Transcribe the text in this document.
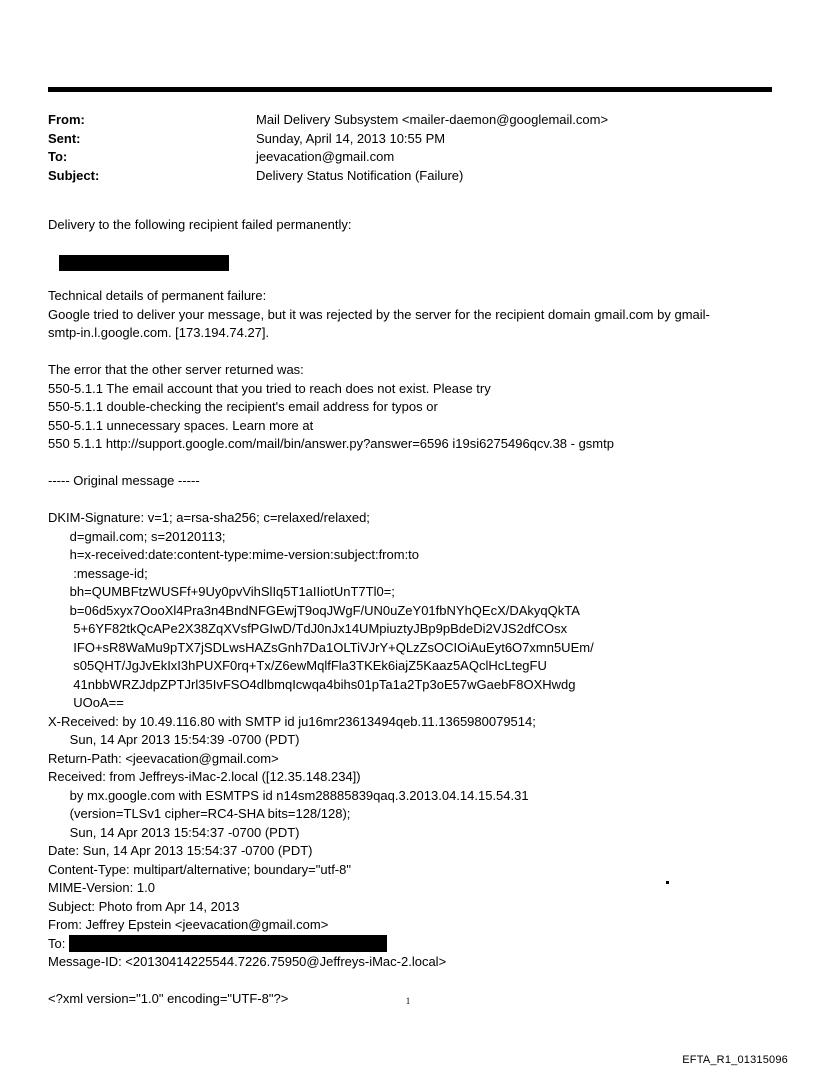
From:	Mail Delivery Subsystem <mailer-daemon@googlemail.com>
Sent:	Sunday, April 14, 2013 10:55 PM
To:	jeevacation@gmail.com
Subject:	Delivery Status Notification (Failure)
Delivery to the following recipient failed permanently:
Technical details of permanent failure:
Google tried to deliver your message, but it was rejected by the server for the recipient domain gmail.com by gmail-
smtp-in.l.google.com. [173.194.74.27].
The error that the other server returned was:
550-5.1.1 The email account that you tried to reach does not exist. Please try
550-5.1.1 double-checking the recipient's email address for typos or
550-5.1.1 unnecessary spaces. Learn more at
550 5.1.1 http://support.google.com/mail/bin/answer.py?answer=6596 i19si6275496qcv.38 - gsmtp
----- Original message -----
DKIM-Signature: v=1; a=rsa-sha256; c=relaxed/relaxed;
d=gmail.com; s=20120113;
h=x-received:date:content-type:mime-version:subject:from:to
:message-id;
bh=QUMBFtzWUSFf+9Uy0pvVihSlIq5T1aIIiotUnT7Tl0=;
b=06d5xyx7OooXl4Pra3n4BndNFGEwjT9oqJWgF/UN0uZeY01fbNYhQEcX/DAkyqQkTA
5+6YF82tkQcAPe2X38ZqXVsfPGIwD/TdJ0nJx14UMpiuztyJBp9pBdeDi2VJS2dfCOsx
IFO+sR8WaMu9pTX7jSDLwsHAZsGnh7Da1OLTiVJrY+QLzZsOCIOiAuEyt6O7xmn5UEm/
s05QHT/JgJvEkIxI3hPUXF0rq+Tx/Z6ewMqlfFla3TKEk6iajZ5Kaaz5AQclHcLtegFU
41nbbWRZJdpZPTJrl35IvFSO4dlbmqIcwqa4bihs01pTa1a2Tp3oE57wGaebF8OXHwdg
UOoA==
X-Received: by 10.49.116.80 with SMTP id ju16mr23613494qeb.11.1365980079514;
Sun, 14 Apr 2013 15:54:39 -0700 (PDT)
Return-Path: <jeevacation@gmail.com>
Received: from Jeffreys-iMac-2.local ([12.35.148.234])
by mx.google.com with ESMTPS id n14sm28885839qaq.3.2013.04.14.15.54.31
(version=TLSv1 cipher=RC4-SHA bits=128/128);
Sun, 14 Apr 2013 15:54:37 -0700 (PDT)
Date: Sun, 14 Apr 2013 15:54:37 -0700 (PDT)
Content-Type: multipart/alternative; boundary="utf-8"
MIME-Version: 1.0
Subject: Photo from Apr 14, 2013
From: Jeffrey Epstein <jeevacation@gmail.com>
To:
Message-ID: <20130414225544.7226.75950@Jeffreys-iMac-2.local>
<?xml version="1.0" encoding="UTF-8"?>	1
EFTA_R1_01315096
